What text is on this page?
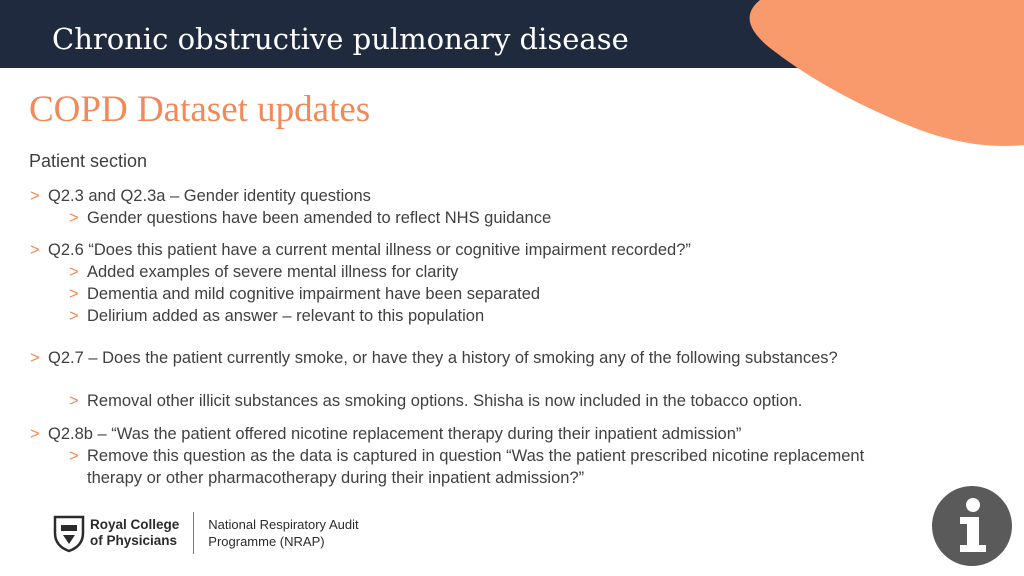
Chronic obstructive pulmonary disease
COPD Dataset updates
Patient section
> Q2.3 and Q2.3a – Gender identity questions
> Gender questions have been amended to reflect NHS guidance
> Q2.6 “Does this patient have a current mental illness or cognitive impairment recorded?”
> Added examples of severe mental illness for clarity
> Dementia and mild cognitive impairment have been separated
> Delirium added as answer – relevant to this population
> Q2.7 – Does the patient currently smoke, or have they a history of smoking any of the following substances?
> Removal other illicit substances as smoking options. Shisha is now included in the tobacco option.
> Q2.8b – “Was the patient offered nicotine replacement therapy during their inpatient admission”
> Remove this question as the data is captured in question “Was the patient prescribed nicotine replacement therapy or other pharmacotherapy during their inpatient admission?”
Royal College
of Physicians
National Respiratory Audit
Programme (NRAP)
